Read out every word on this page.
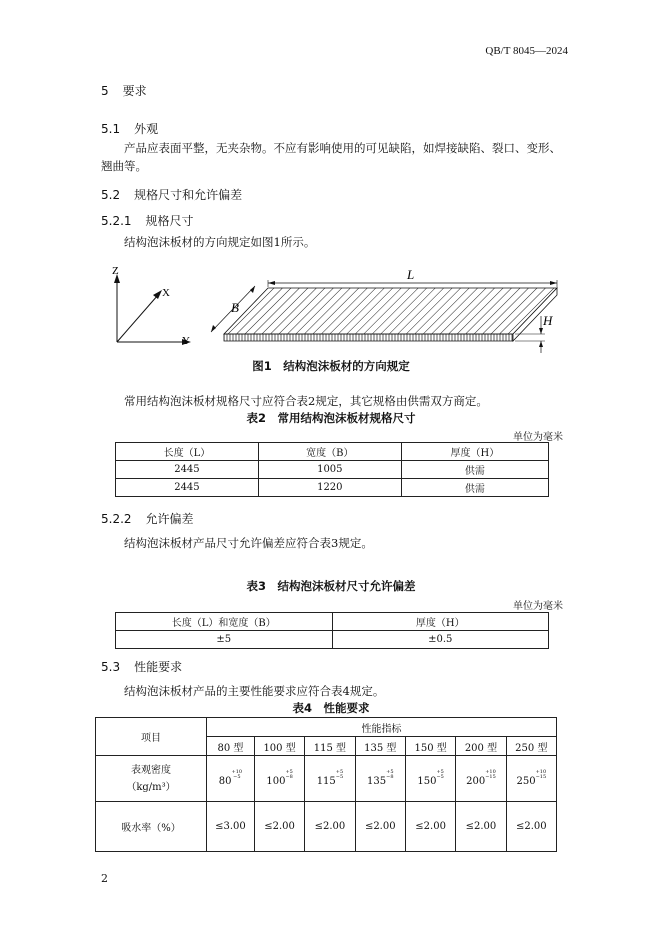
QB/T 8045—2024
5 要求
5.1 外观
产品应表面平整，无夹杂物。不应有影响使用的可见缺陷，如焊接缺陷、裂口、变形、
翘曲等。
5.2 规格尺寸和允许偏差
5.2.1 规格尺寸
结构泡沫板材的方向规定如图1所示。
Z
X
Y
L
B
H
图1　结构泡沫板材的方向规定
常用结构泡沫板材规格尺寸应符合表2规定，其它规格由供需双方商定。
表2　常用结构泡沫板材规格尺寸
单位为毫米
长度（L）	宽度（B）	厚度（H）
2445	1005	供需
2445	1220	供需
5.2.2 允许偏差
结构泡沫板材产品尺寸允许偏差应符合表3规定。
表3　结构泡沫板材尺寸允许偏差
单位为毫米
长度（L）和宽度（B）	厚度（H）
±5	±0.5
5.3 性能要求
结构泡沫板材产品的主要性能要求应符合表4规定。
表4　性能要求
项目	性能指标						
	80 型	100 型	115 型	135 型	150 型	200 型	250 型
表观密度
（kg/m³）	$80^{+10 -5}$	$100^{+5 -8}$	$115^{+5 -5}$	$135^{+5 -8}$	$150^{+5 -5}$	$200^{+10 -15}$	$250^{+10 -15}$
吸水率（%）	≤3.00	≤2.00	≤2.00	≤2.00	≤2.00	≤2.00	≤2.00
2
